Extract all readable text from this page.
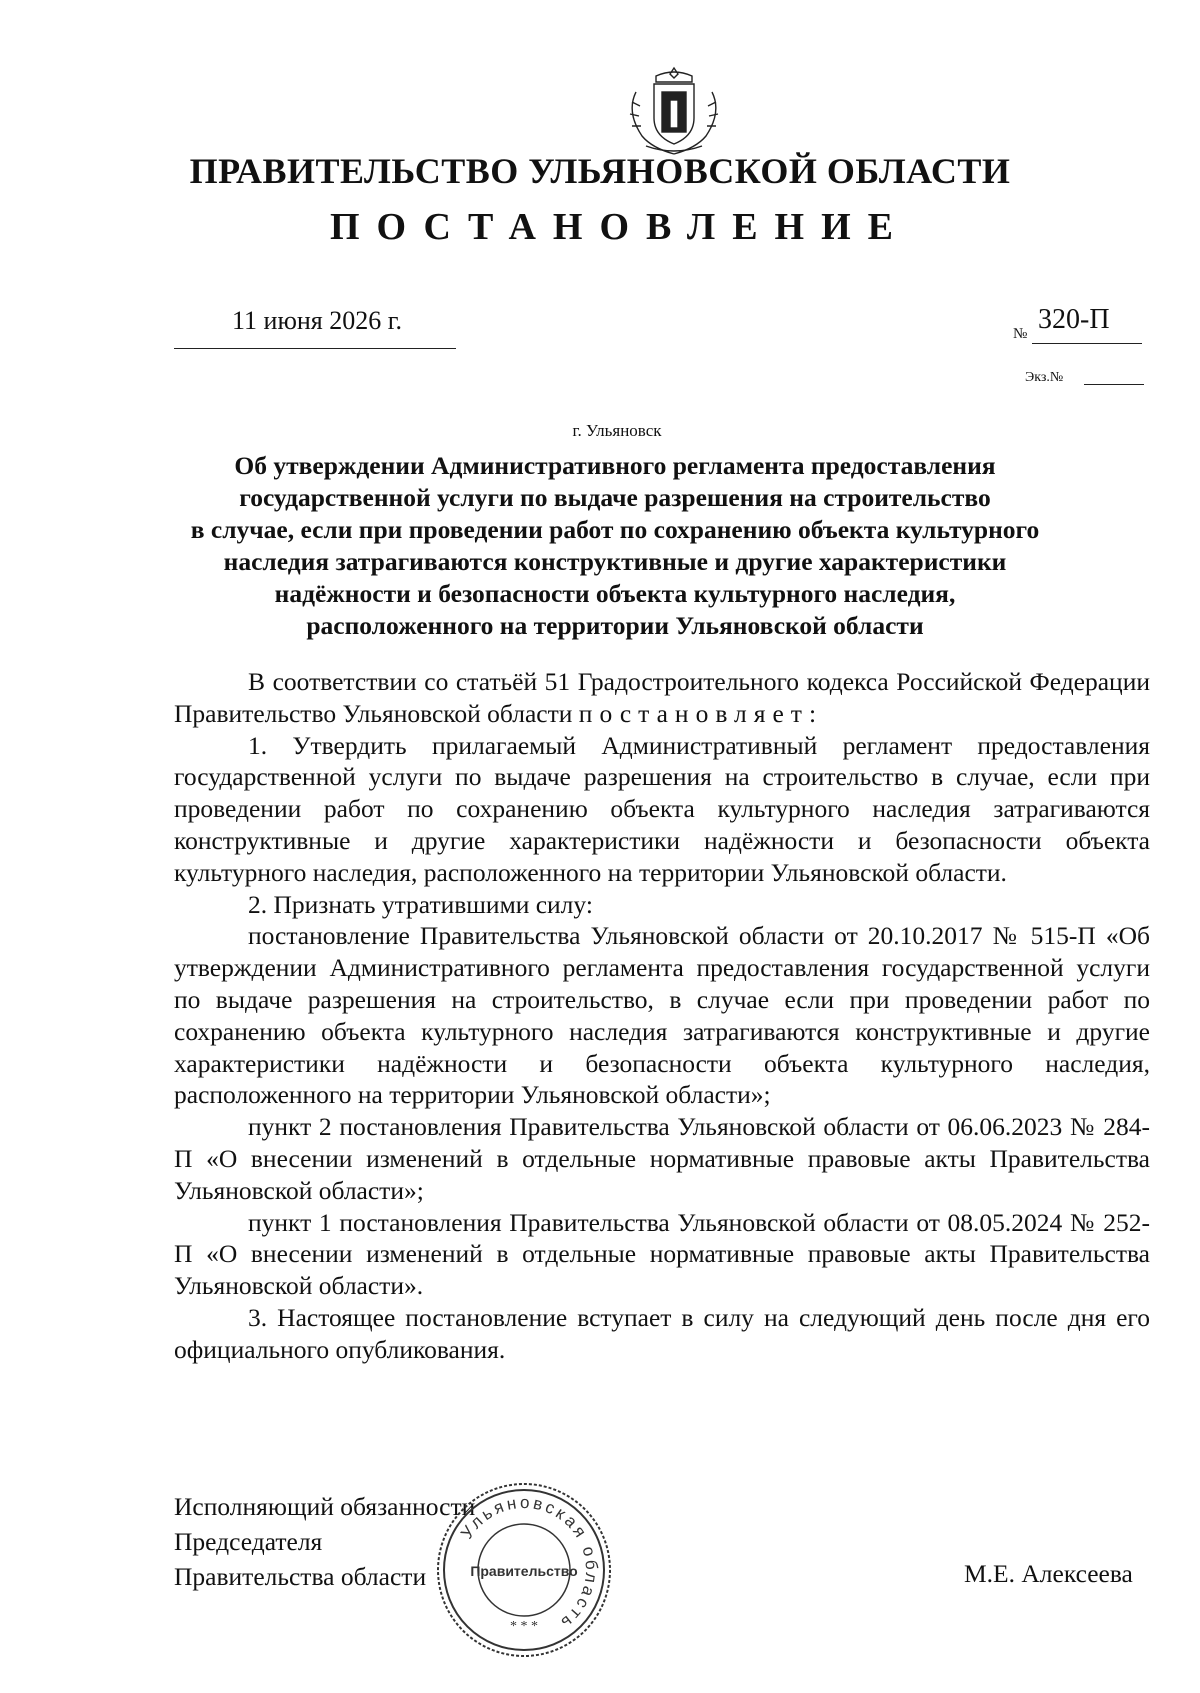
ПРАВИТЕЛЬСТВО УЛЬЯНОВСКОЙ ОБЛАСТИ
ПОСТАНОВЛЕНИЕ
11 июня 2026 г.	№ 320-П
Экз.№
г. Ульяновск
Об утверждении Административного регламента предоставления
государственной услуги по выдаче разрешения на строительство
в случае, если при проведении работ по сохранению объекта культурного
наследия затрагиваются конструктивные и другие характеристики
надёжности и безопасности объекта культурного наследия,
расположенного на территории Ульяновской области

В соответствии со статьёй 51 Градостроительного кодекса Российской Федерации Правительство Ульяновской области постановляет:

1. Утвердить прилагаемый Административный регламент предоставления государственной услуги по выдаче разрешения на строительство в случае, если при проведении работ по сохранению объекта культурного наследия затрагиваются конструктивные и другие характеристики надёжности и безопасности объекта культурного наследия, расположенного на территории Ульяновской области.

2. Признать утратившими силу:

постановление Правительства Ульяновской области от 20.10.2017 № 515-П «Об утверждении Административного регламента предоставления государственной услуги по выдаче разрешения на строительство, в случае если при проведении работ по сохранению объекта культурного наследия затрагиваются конструктивные и другие характеристики надёжности и безопасности объекта культурного наследия, расположенного на территории Ульяновской области»;

пункт 2 постановления Правительства Ульяновской области от 06.06.2023 № 284-П «О внесении изменений в отдельные нормативные правовые акты Правительства Ульяновской области»;

пункт 1 постановления Правительства Ульяновской области от 08.05.2024 № 252-П «О внесении изменений в отдельные нормативные правовые акты Правительства Ульяновской области».

3. Настоящее постановление вступает в силу на следующий день после дня его официального опубликования.

Исполняющий обязанности
Председателя
Правительства области
Ульяновская область
Правительство
* * *
М.Е. Алексеева
